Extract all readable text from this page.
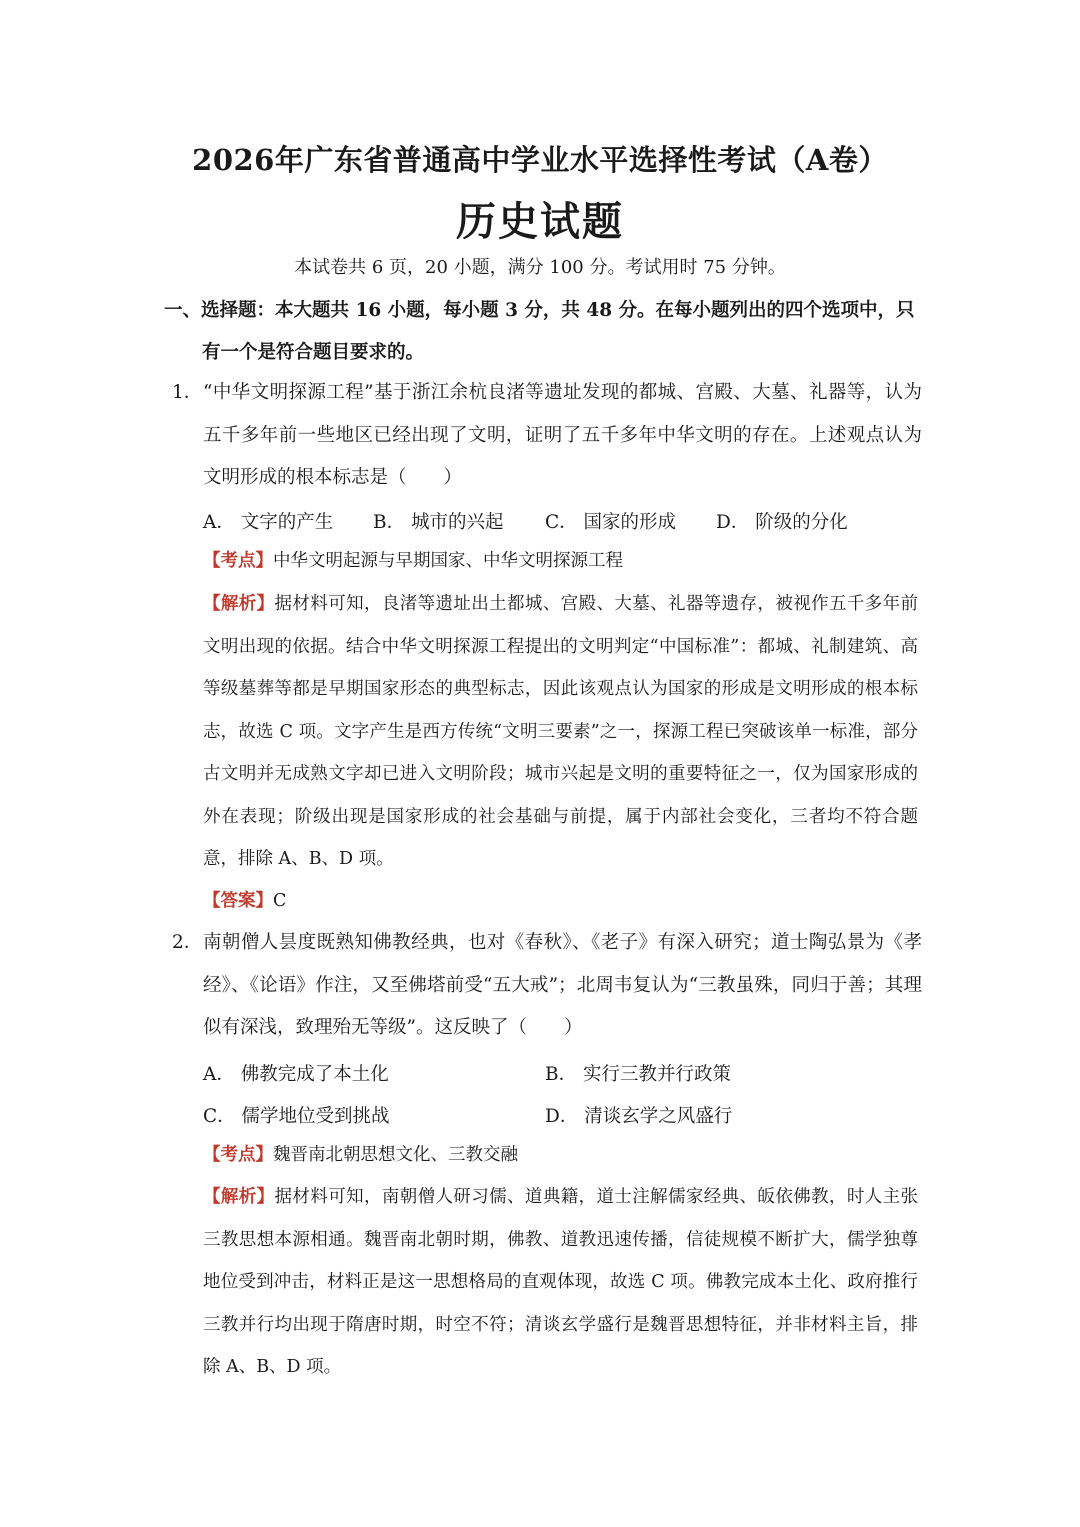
2026年广东省普通高中学业水平选择性考试（A卷）
历史试题
本试卷共 6 页，20 小题，满分 100 分。考试用时 75 分钟。
一、选择题：本大题共 16 小题，每小题 3 分，共 48 分。在每小题列出的四个选项中，只
有一个是符合题目要求的。
1． “中华文明探源工程”基于浙江余杭良渚等遗址发现的都城、宫殿、大墓、礼器等，认为五千多年前一些地区已经出现了文明，证明了五千多年中华文明的存在。上述观点认为文明形成的根本标志是（　　）
A． 文字的产生 B． 城市的兴起 C． 国家的形成 D． 阶级的分化
【考点】中华文明起源与早期国家、中华文明探源工程
【解析】据材料可知，良渚等遗址出土都城、宫殿、大墓、礼器等遗存，被视作五千多年前文明出现的依据。结合中华文明探源工程提出的文明判定“中国标准”：都城、礼制建筑、高等级墓葬等都是早期国家形态的典型标志，因此该观点认为国家的形成是文明形成的根本标志，故选 C 项。文字产生是西方传统“文明三要素”之一，探源工程已突破该单一标准，部分古文明并无成熟文字却已进入文明阶段；城市兴起是文明的重要特征之一，仅为国家形成的外在表现；阶级出现是国家形成的社会基础与前提，属于内部社会变化，三者均不符合题意，排除 A、B、D 项。
【答案】C
2． 南朝僧人昙度既熟知佛教经典，也对《春秋》、《老子》有深入研究；道士陶弘景为《孝经》、《论语》作注，又至佛塔前受“五大戒”；北周韦复认为“三教虽殊，同归于善；其理似有深浅，致理殆无等级”。这反映了（　　）
A． 佛教完成了本土化	B． 实行三教并行政策
C． 儒学地位受到挑战	D． 清谈玄学之风盛行
【考点】魏晋南北朝思想文化、三教交融
【解析】据材料可知，南朝僧人研习儒、道典籍，道士注解儒家经典、皈依佛教，时人主张三教思想本源相通。魏晋南北朝时期，佛教、道教迅速传播，信徒规模不断扩大，儒学独尊地位受到冲击，材料正是这一思想格局的直观体现，故选 C 项。佛教完成本土化、政府推行三教并行均出现于隋唐时期，时空不符；清谈玄学盛行是魏晋思想特征，并非材料主旨，排除 A、B、D 项。
